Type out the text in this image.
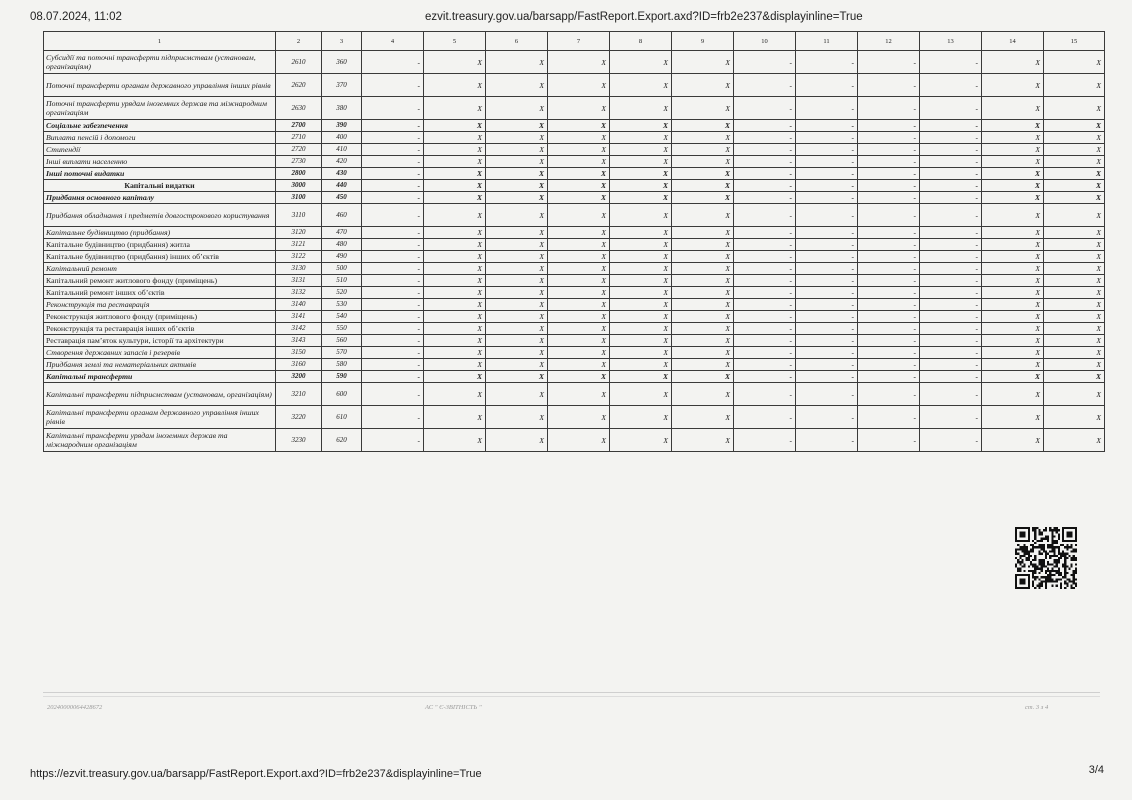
08.07.2024, 11:02	ezvit.treasury.gov.ua/barsapp/FastReport.Export.axd?ID=frb2e237&displayinline=True
1	2	3	4	5	6	7	8	9	10	11	12	13	14	15
Субсидії та поточні трансферти підприємствам (установам, організаціям)	2610	360	-	X	X	X	X	X	-	-	-	-	X	X
Поточні трансферти органам державного управління інших рівнів	2620	370	-	X	X	X	X	X	-	-	-	-	X	X
Поточні трансферти урядам іноземних держав та міжнародним організаціям	2630	380	-	X	X	X	X	X	-	-	-	-	X	X
Соціальне забезпечення	2700	390	-	X	X	X	X	X	-	-	-	-	X	X
Виплата пенсій і допомоги	2710	400	-	X	X	X	X	X	-	-	-	-	X	X
Стипендії	2720	410	-	X	X	X	X	X	-	-	-	-	X	X
Інші виплати населенню	2730	420	-	X	X	X	X	X	-	-	-	-	X	X
Інші поточні видатки	2800	430	-	X	X	X	X	X	-	-	-	-	X	X
Капітальні видатки	3000	440	-	X	X	X	X	X	-	-	-	-	X	X
Придбання основного капіталу	3100	450	-	X	X	X	X	X	-	-	-	-	X	X
Придбання обладнання і предметів довгострокового користування	3110	460	-	X	X	X	X	X	-	-	-	-	X	X
Капітальне будівництво (придбання)	3120	470	-	X	X	X	X	X	-	-	-	-	X	X
Капітальне будівництво (придбання) житла	3121	480	-	X	X	X	X	X	-	-	-	-	X	X
Капітальне будівництво (придбання) інших об’єктів	3122	490	-	X	X	X	X	X	-	-	-	-	X	X
Капітальний ремонт	3130	500	-	X	X	X	X	X	-	-	-	-	X	X
Капітальний ремонт житлового фонду (приміщень)	3131	510	-	X	X	X	X	X	-	-	-	-	X	X
Капітальний ремонт інших об’єктів	3132	520	-	X	X	X	X	X	-	-	-	-	X	X
Реконструкція та реставрація	3140	530	-	X	X	X	X	X	-	-	-	-	X	X
Реконструкція житлового фонду (приміщень)	3141	540	-	X	X	X	X	X	-	-	-	-	X	X
Реконструкція та реставрація інших об’єктів	3142	550	-	X	X	X	X	X	-	-	-	-	X	X
Реставрація пам’яток культури, історії та архітектури	3143	560	-	X	X	X	X	X	-	-	-	-	X	X
Створення державних запасів і резервів	3150	570	-	X	X	X	X	X	-	-	-	-	X	X
Придбання землі та нематеріальних активів	3160	580	-	X	X	X	X	X	-	-	-	-	X	X
Капітальні трансферти	3200	590	-	X	X	X	X	X	-	-	-	-	X	X
Капітальні трансферти підприємствам (установам, організаціям)	3210	600	-	X	X	X	X	X	-	-	-	-	X	X
Капітальні трансферти органам державного управління інших рівнів	3220	610	-	X	X	X	X	X	-	-	-	-	X	X
Капітальні трансферти урядам іноземних держав та міжнародним організаціям	3230	620	-	X	X	X	X	X	-	-	-	-	X	X
20240000064428672	АС " Є-ЗВІТНІСТЬ "	ст. 3 з 4
https://ezvit.treasury.gov.ua/barsapp/FastReport.Export.axd?ID=frb2e237&displayinline=True	3/4
